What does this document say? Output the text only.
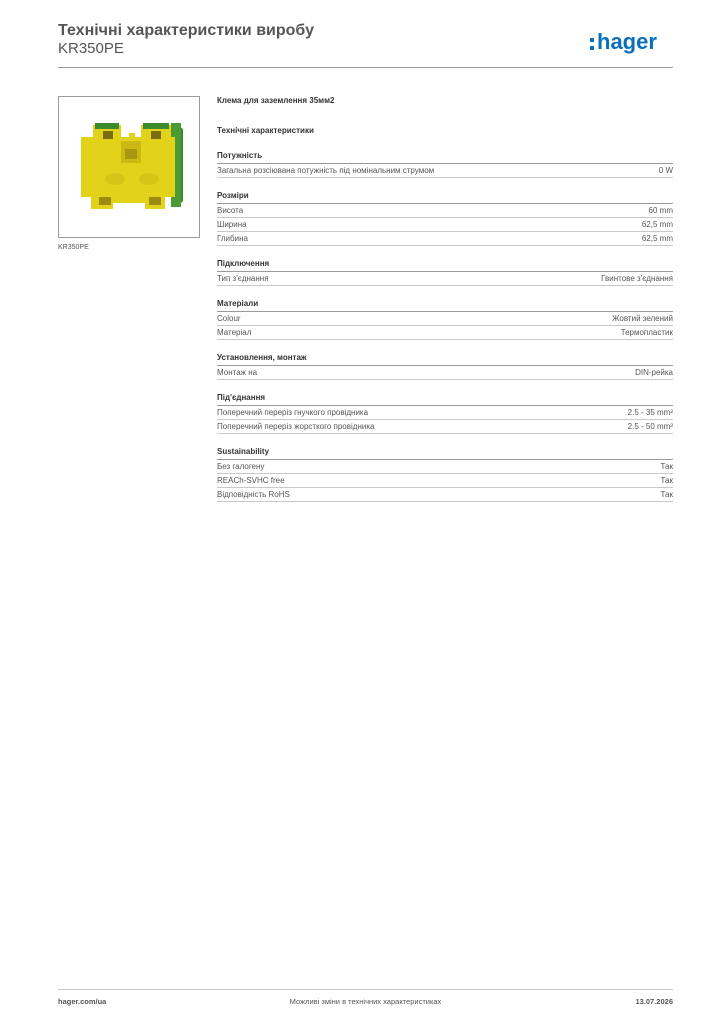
Технічні характеристики виробу
KR350PE	hager
KR350PE
Клема для заземлення 35мм2
Технічні характеристики
Потужність
Загальна розсіювана потужність під номінальним струмом	0 W
Розміри
Висота	60 mm
Ширина	62,5 mm
Глибина	62,5 mm
Підключення
Тип з'єднання	Гвинтове з'єднання
Матеріали
Colour	Жовтий зелений
Матеріал	Термопластик
Установлення, монтаж
Монтаж на	DIN-рейка
Під'єднання
Поперечний переріз гнучкого провідника	2.5 - 35 mm²
Поперечний переріз жорсткого провідника	2.5 - 50 mm²
Sustainability
Без галогену	Так
REACh-SVHC free	Так
Відповідність RoHS	Так
hager.com/ua	Можливі зміни в технічних характеристиках	13.07.2026
